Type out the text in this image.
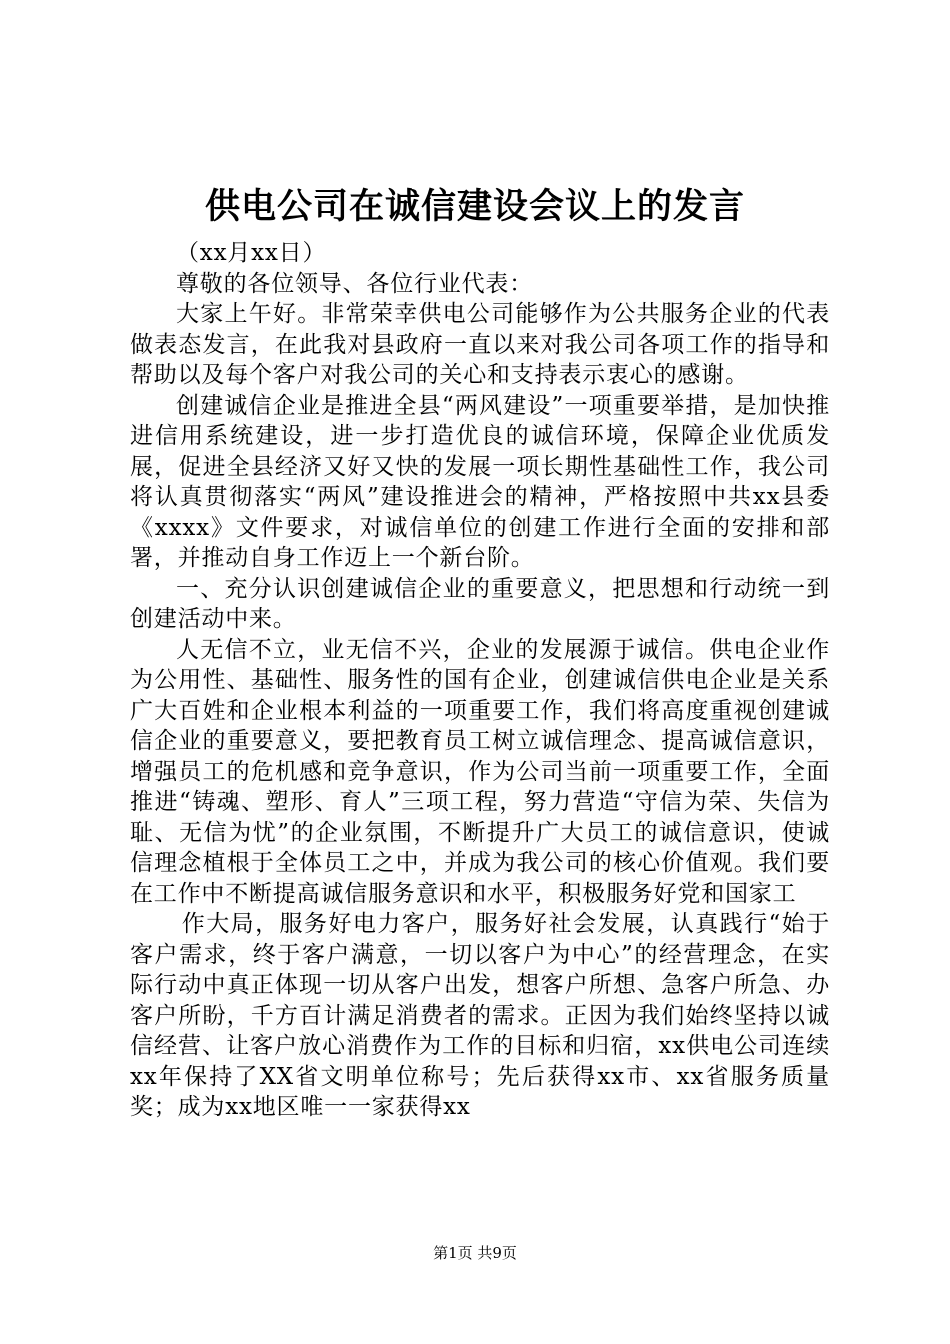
供电公司在诚信建设会议上的发言

（xx月xx日）

尊敬的各位领导、各位行业代表：

大家上午好。非常荣幸供电公司能够作为公共服务企业的代表做表态发言，在此我对县政府一直以来对我公司各项工作的指导和帮助以及每个客户对我公司的关心和支持表示衷心的感谢。

创建诚信企业是推进全县“两风建设”一项重要举措，是加快推进信用系统建设，进一步打造优良的诚信环境，保障企业优质发展，促进全县经济又好又快的发展一项长期性基础性工作，我公司将认真贯彻落实“两风”建设推进会的精神，严格按照中共xx县委《xxxx》文件要求，对诚信单位的创建工作进行全面的安排和部署，并推动自身工作迈上一个新台阶。

一、充分认识创建诚信企业的重要意义，把思想和行动统一到创建活动中来。

人无信不立，业无信不兴，企业的发展源于诚信。供电企业作为公用性、基础性、服务性的国有企业，创建诚信供电企业是关系广大百姓和企业根本利益的一项重要工作，我们将高度重视创建诚信企业的重要意义，要把教育员工树立诚信理念、提高诚信意识，增强员工的危机感和竞争意识，作为公司当前一项重要工作，全面推进“铸魂、塑形、育人”三项工程，努力营造“守信为荣、失信为耻、无信为忧”的企业氛围，不断提升广大员工的诚信意识，使诚信理念植根于全体员工之中，并成为我公司的核心价值观。我们要在工作中不断提高诚信服务意识和水平，积极服务好党和国家工

作大局，服务好电力客户，服务好社会发展，认真践行“始于客户需求，终于客户满意，一切以客户为中心”的经营理念，在实际行动中真正体现一切从客户出发，想客户所想、急客户所急、办客户所盼，千方百计满足消费者的需求。正因为我们始终坚持以诚信经营、让客户放心消费作为工作的目标和归宿，xx供电公司连续xx年保持了XX省文明单位称号；先后获得xx市、xx省服务质量奖；成为xx地区唯一一家获得xx

第1页 共9页
